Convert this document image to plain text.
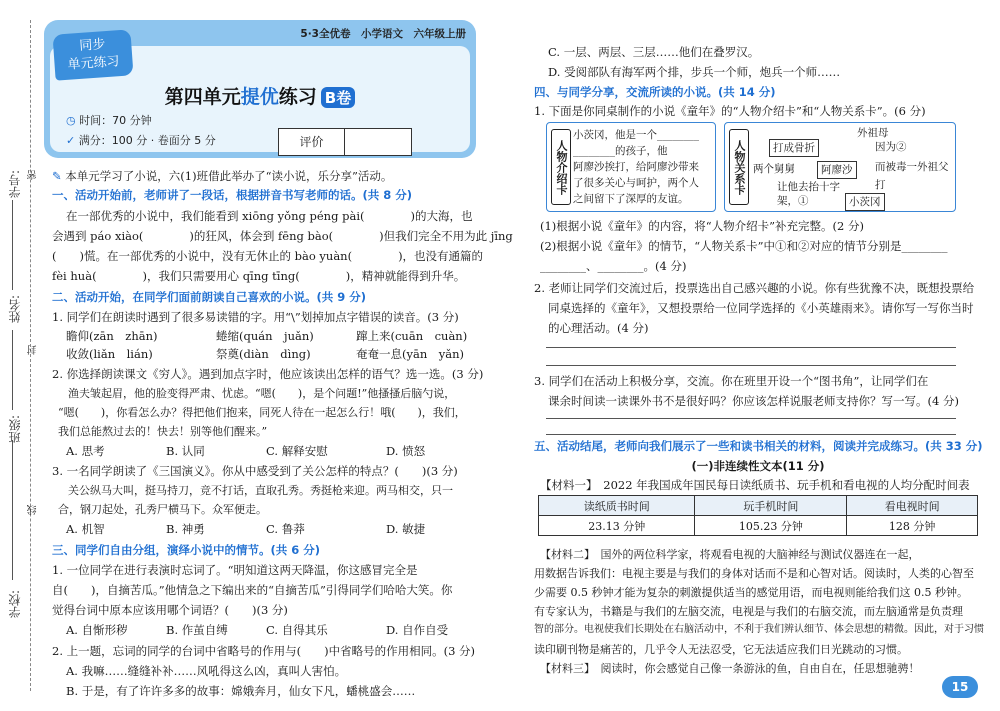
学校:
班级:
姓名:
学号: 密
封
线
同步
单元练习
5·3全优卷　小学语文　六年级上册
第四单元提优练习 B卷
◷ 时间：70 分钟
✓ 满分：100 分 · 卷面分 5 分	评价
✎ 本单元学习了小说，六(1)班借此举办了“读小说，乐分享”活动。
一、活动开始前，老师讲了一段话，根据拼音书写老师的话。(共 8 分)
在一部优秀的小说中，我们能看到 xiōng yǒng péng pài(　　　　)的大海，也
会遇到 páo xiào(　　　　)的狂风，体会到 fēng bào(　　　　)但我们完全不用为此 jīng
(　　)慌。在一部优秀的小说中，没有无休止的 bào yuàn(　　　　)，也没有通篇的
fèi huà(　　　　)，我们只需要用心 qīng tīng(　　　　)，精神就能得到升华。
二、活动开始，在同学们面前朗读自己喜欢的小说。(共 9 分)
1. 同学们在朗读时遇到了很多易读错的字。用“\”划掉加点字错误的读音。(3 分)
瞻仰(zān　zhān)	蜷缩(quán　juǎn)	蹿上来(cuān　cuàn)
收敛(liǎn　lián)	祭奠(diàn　dìng)	奄奄一息(yān　yǎn)
2. 你选择朗读课文《穷人》。遇到加点字时，他应该读出怎样的语气？选一选。(3 分)
渔夫皱起眉，他的脸变得严肃、忧虑。“嗯(　　)，是个问题!”他搔搔后脑勺说，
“嗯(　　)，你看怎么办？得把他们抱来，同死人待在一起怎么行！哦(　　)，我们，
我们总能熬过去的！快去！别等他们醒来。”
A. 思考	B. 认同	C. 解释安慰	D. 愤怒
3. 一名同学朗读了《三国演义》。你从中感受到了关公怎样的特点？(　　)(3 分)
关公纵马大叫，挺马持刀，竞不打话，直取孔秀。秀挺枪来迎。两马相交，只一
合，钢刀起处，孔秀尸横马下。众军便走。
A. 机智	B. 神勇	C. 鲁莽	D. 敏捷
三、同学们自由分组，演绎小说中的情节。(共 6 分)
1. 一位同学在进行表演时忘词了。“明知道这两天降温，你这感冒完全是
自(　　)，自摘苦瓜。”他情急之下编出来的“自摘苦瓜”引得同学们哈哈大笑。你
觉得台词中原本应该用哪个词语？(　　)(3 分)
A. 自惭形秽	B. 作茧自缚	C. 自得其乐	D. 自作自受
2. 上一题，忘词的同学的台词中省略号的作用与(　　)中省略号的作用相同。(3 分)
A. 我嘛……缝缝补补……风吼得这么凶，真叫人害怕。
B. 于是，有了许许多多的故事：嫦娥奔月，仙女下凡，蟠桃盛会……
C. 一层、两层、三层……他们在叠罗汉。
D. 受阅部队有海军两个排，步兵一个师，炮兵一个师……
四、与同学分享，交流所读的小说。(共 14 分)
1. 下面是你同桌制作的小说《童年》的“人物介绍卡”和“人物关系卡”。(6 分)
人物介绍卡
小茨冈，他是一个________
________的孩子，他
阿廖沙挨打，给阿廖沙带来
了很多关心与呵护，两个人
之间留下了深厚的友谊。
人物关系卡
外祖母
打成骨折
两个舅舅	阿廖沙
因为②
而被毒一外祖父
打
让他去抬十字
架，①	小茨冈
(1)根据小说《童年》的内容，将“人物介绍卡”补充完整。(2 分)
(2)根据小说《童年》的情节，“人物关系卡”中①和②对应的情节分别是________
________、________。(4 分)
2. 老师让同学们交流过后，投票选出自己感兴趣的小说。你有些犹豫不决，既想投票给
同桌选择的《童年》，又想投票给一位同学选择的《小英雄雨来》。请你写一写你当时
的心理活动。(4 分)
3. 同学们在活动上积极分享，交流。你在班里开设一个“图书角”，让同学们在
课余时间读一读课外书不是很好吗？你应该怎样说服老师支持你？写一写。(4 分)
五、活动结尾，老师向我们展示了一些和读书相关的材料，阅读并完成练习。(共 33 分)
(一)非连续性文本(11 分)
【材料一】　2022 年我国成年国民每日读纸质书、玩手机和看电视的人均分配时间表
读纸质书时间	玩手机时间	看电视时间
23.13 分钟	105.23 分钟	128 分钟
【材料二】　国外的两位科学家，将观看电视的大脑神经与测试仪器连在一起，
用数据告诉我们：电视主要是与我们的身体对话而不是和心智对话。阅读时，人类的心智至
少需要 0.5 秒钟才能为复杂的刺激提供适当的感觉用语，而电视则能给我们这 0.5 秒钟。
有专家认为，书籍是与我们的左脑交流，电视是与我们的右脑交流，而左脑通常是负责理
智的部分。电视使我们长期处在右脑活动中，不利于我们辨认细节、体会思想的精微。因此，对于习惯
读印刷刊物是痛苦的，几乎令人无法忍受，它无法适应我们日光跳动的习惯。
【材料三】　阅读时，你会感觉自己像一条游泳的鱼，自由自在，任思想驰骋！
15
